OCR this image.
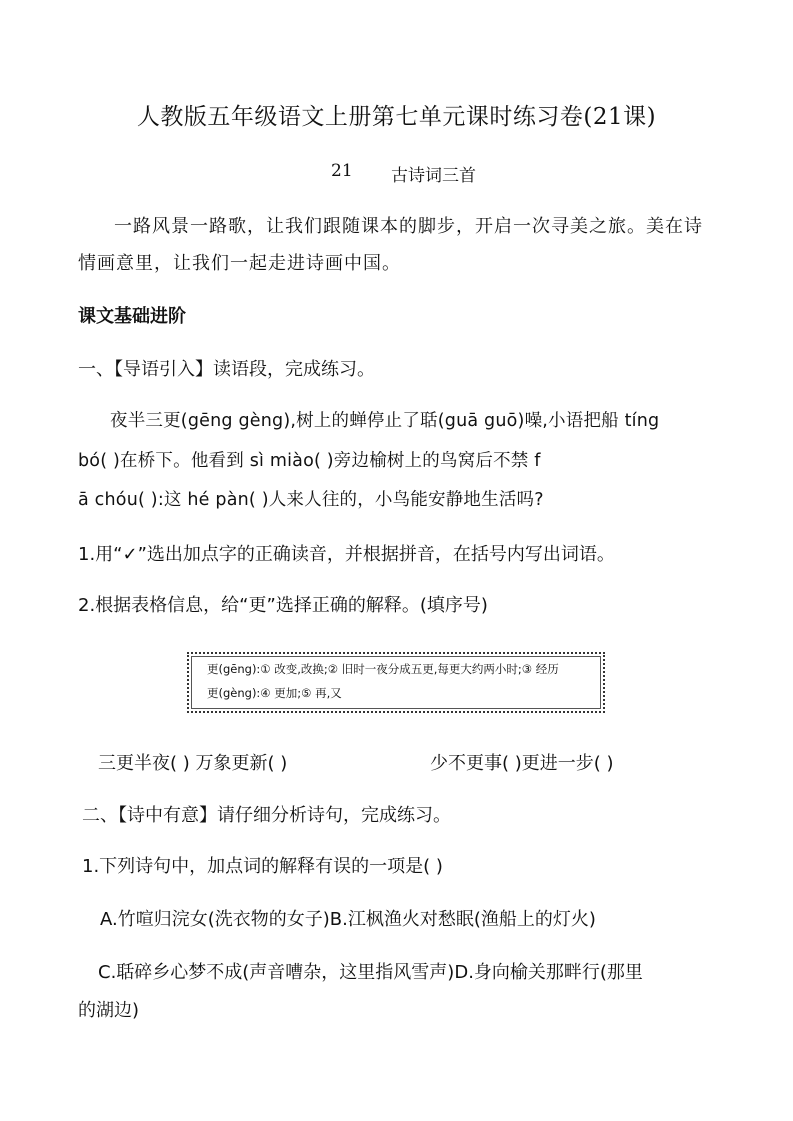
人教版五年级语文上册第七单元课时练习卷(21课)
21 古诗词三首
一路风景一路歌，让我们跟随课本的脚步，开启一次寻美之旅。美在诗情画意里，让我们一起走进诗画中国。
课文基础进阶
一、【导语引入】读语段，完成练习。
夜半三更(gēng gèng),树上的蝉停止了聒(guā guō)噪,小语把船 tíng
bó( )在桥下。他看到 sì miào( )旁边榆树上的鸟窝后不禁 f
ā chóu( ):这 hé pàn( )人来人往的，小鸟能安静地生活吗?
1.用“✓”选出加点字的正确读音，并根据拼音，在括号内写出词语。
2.根据表格信息，给“更”选择正确的解释。(填序号)
更(gēng):① 改变,改换;② 旧时一夜分成五更,每更大约两小时;③ 经历
更(gèng):④ 更加;⑤ 再,又
三更半夜( ) 万象更新( )	少不更事( )更进一步( )
二、【诗中有意】请仔细分析诗句，完成练习。
1.下列诗句中，加点词的解释有误的一项是( )
A.竹喧归浣女(洗衣物的女子)B.江枫渔火对愁眠(渔船上的灯火)
C.聒碎乡心梦不成(声音嘈杂，这里指风雪声)D.身向榆关那畔行(那里
的湖边)
